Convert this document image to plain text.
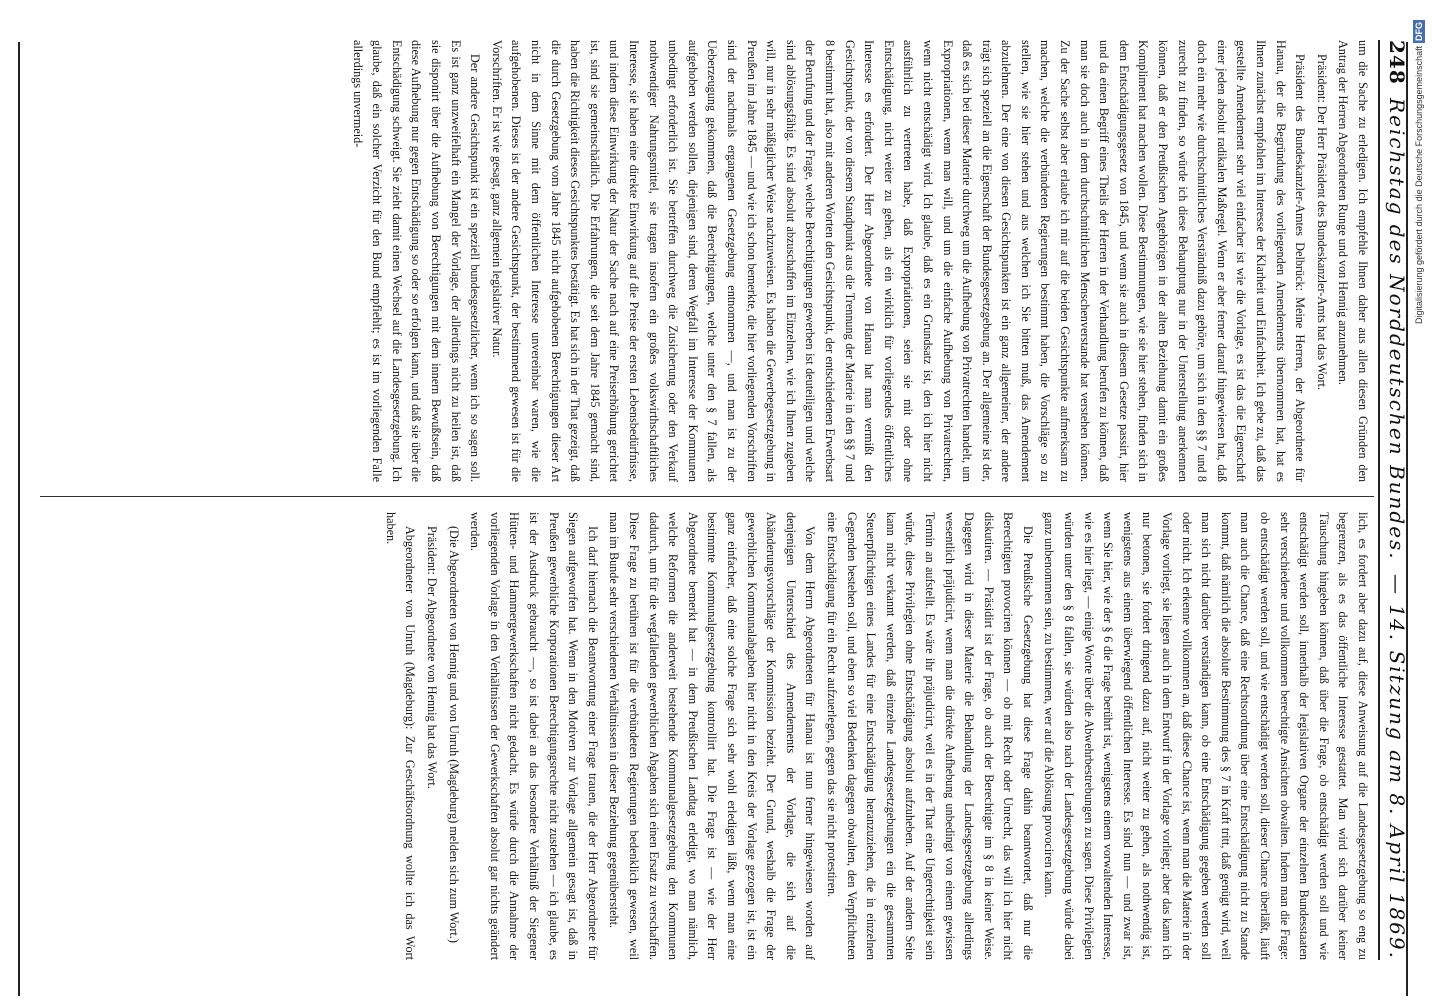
248
Reichstag des Norddeutschen Bundes.
— 14. Sitzung am 8. April 1869.

um die Sache zu erledigen. Ich empfehle Ihnen daher aus allen diesen Gründen den Antrag der Herren Abgeordneten Runge und von Hennig anzunehmen.

Präsident: Der Herr Präsident des Bundeskanzler-Amts hat das Wort.

Präsident des Bundeskanzler-Amtes Delbrück: Meine Herren, der Abgeordnete für Hanau, der die Begründung des vorliegenden Amendements übernommen hat, hat es Ihnen zunächst empfohlen im Interesse der Klarheit und Einfachheit. Ich gebe zu, daß das gestellte Amendement sehr viel einfacher ist wie die Vorlage, es ist das die Eigenschaft einer jeden absolut radikalen Maßregel. Wenn er aber ferner darauf hingewiesen hat, daß doch ein mehr wie durchschnittliches Verständniß dazu gehöre, um sich in den §§ 7 und 8 zurecht zu finden, so würde ich diese Behauptung nur in der Unterstellung anerkennen können, daß er den Preußischen Angehörigen in der alten Beziehung damit ein großes Kompliment hat machen wollen. Diese Bestimmungen, wie sie hier stehen, finden sich in dem Entschädigungsgesetz von 1845, und wenn sie auch in diesem Gesetze passirt, hier und da einen Begriff eines Theils der Herren in der Verhandlung berufen zu können, daß man sie doch auch in dem durchschnittlichen Menschenverstande hat verstehen können. Zu der Sache selbst aber erlaube ich mir auf die beiden Gesichtspunkte aufmerksam zu machen, welche die verbündeten Regierungen bestimmt haben, die Vorschläge so zu stellen, wie sie hier stehen und aus welchen ich Sie bitten muß, das Amendement abzulehnen. Der eine von diesen Gesichtspunkten ist ein ganz allgemeiner, der andere trägt sich speziell an die Eigenschaft der Bundesgesetzgebung an. Der allgemeine ist der, daß es sich bei dieser Materie durchweg um die Aufhebung von Privatrechten handelt, um Expropriationen, wenn man will, und um die einfache Aufhebung von Privatrechten, wenn nicht entschädigt wird. Ich glaube, daß es ein Grundsatz ist, den ich hier nicht ausführlich zu vertreten habe, daß Expropriationen, seien sie mit oder ohne Entschädigung, nicht weiter zu gehen, als ein wirklich für vorliegendes öffentliches Interesse es erfordert. Der Herr Abgeordnete von Hanau hat man vermißt den Gesichtspunkt, der von diesem Standpunkt aus die Trennung der Materie in den §§ 7 und 8 bestimmt hat, also mit anderen Worten den Gesichtspunkt, der entschiedenen Erwerbsart der Berufung und der Frage, welche Berechtigungen gewerben ist deuteiligen und welche sind ablösungsfähig. Es sind absolut abzuschaffen im Einzelnen, wie ich Ihnen zugeben will, nur in sehr mäßiglicher Weise nachzuweisen. Es haben die Gewerbegesetzgebung in Preußen im Jahre 1845 — und wie ich schon bemerkte, die hier vorliegenden Vorschriften sind der nachmals ergangenen Gesetzgebung entnommen —, und man ist zu der Ueberzeugung gekommen, daß die Berechtigungen, welche unter den § 7 fallen, als aufgehoben werden sollen, diejenigen sind, deren Wegfall im Interesse der Kommunen unbedingt erforderlich ist. Sie betreffen durchweg die Zusicherung oder den Verkauf nothwendiger Nahrungsmittel, sie tragen insofern ein großes volkswirthschaftliches Interesse, sie haben eine direkte Einwirkung auf die Preise der ersten Lebensbedürfnisse, und indem diese Einwirkung der Natur der Sache nach auf eine Preiserhöhung gerichtet ist, sind sie gemeinschädlich. Die Erfahrungen, die seit dem Jahre 1845 gemacht sind, haben die Richtigkeit dieses Gesichtspunktes bestätigt. Es hat sich in der That gezeigt, daß die durch Gesetzgebung vom Jahre 1845 nicht aufgehobenen Berechtigungen dieser Art nicht in dem Sinne mit dem öffentlichen Interesse unvereinbar waren, wie die aufgehobenen. Dieses ist der andere Gesichtspunkt, der bestimmend gewesen ist für die Vorschriften. Er ist wie gesagt, ganz allgemein legislativer Natur.

Der andere Gesichtspunkt ist ein speziell bundesgesetzlicher, wenn ich so sagen soll. Es ist ganz unzweifelhaft ein Mangel der Vorlage, der allerdings nicht zu heilen ist, daß sie disponirt über die Aufhebung von Berechtigungen mit dem innern Bewußtsein, daß diese Aufhebung nur gegen Entschädigung so oder so erfolgen kann, und daß sie über die Entschädigung schweigt. Sie zieht damit einen Wechsel auf die Landesgesetzgebung. Ich glaube, daß ein solcher Verzicht für den Bund empfiehlt; es ist im vorliegenden Falle allerdings unvermeid-

lich, es fordert aber dazu auf, diese Anweisung auf die Landesgesetzgebung so eng zu begrenzen, als es das öffentliche Interesse gestattet. Man wird sich darüber keiner Täuschung hingeben können, daß über die Frage, ob entschädigt werden soll und wie entschädigt werden soll, innerhalb der legislativen Organe der einzelnen Bundesstaaten sehr verschiedene und vollkommen berechtigte Ansichten obwalten. Indem man die Frage: ob entschädigt werden soll, und wie entschädigt werden soll, dieser Chance überläßt, läuft man auch die Chance, daß eine Rechtsordnung über eine Entschädigung nicht zu Stande kommt, daß nämlich die absolute Bestimmung des § 7 in Kraft tritt, daß genügt wird, weil man sich nicht darüber verständigen kann, ob eine Entschädigung gegeben werden soll oder nicht. Ich erkenne vollkommen an, daß diese Chance ist, wenn man die Materie in der Vorlage vorliegt, sie liegen auch in dem Entwurf in der Vorlage vorliegt; aber das kann ich nur betonen, sie fordert dringend dazu auf, nicht weiter zu gehen, als nothwendig ist, wenigstens aus einem überwiegend öffentlichen Interesse. Es sind nun — und zwar ist, wenn Sie hier, wie der § 6 die Frage berührt ist, wenigstens einem vorwaltenden Interesse, wie es hier liegt, — einige Worte über die Abwehrbestrebungen zu sagen. Diese Privilegien würden unter den § 8 fallen, sie würden also nach der Landesgesetzgebung würde dabei ganz unbenommen sein, zu bestimmen, wer auf die Ablösung provociren kann.

Die Preußische Gesetzgebung hat diese Frage dahin beantwortet, daß nur die Berechtigten provociren können — ob mit Recht oder Unrecht, das will ich hier nicht diskutiren. — Präsidirt ist der Frage, ob auch der Berechtigte im § 8 in keiner Weise. Dagegen wird in dieser Materie die Behandlung der Landesgesetzgebung allerdings wesentlich präjudicirt, wenn man die direkte Aufhebung unbedingt von einem gewissen Termin an aufstellt. Es wäre ihr präjudicirt, weil es in der That eine Ungerechtigkeit sein würde, diese Privilegien ohne Entschädigung absolut aufzuheben. Auf der andern Seite kann nicht verkannt werden, daß einzelne Landesgesetzgebungen ein die gesammten Steuerpflichtigen eines Landes für eine Entschädigung heranzuziehen, die in einzelnen Gegenden bestehen soll, und eben so viel Bedenken dagegen obwalten, den Verpflichteten eine Entschädigung für ein Recht aufzuerlegen, gegen das sie nicht protestiren.

Von dem Herrn Abgeordneten für Hanau ist nun ferner hingewiesen worden auf denjenigen Unterschied des Amendements der Vorlage, die sich auf die Abänderungsvorschläge der Kommission bezieht. Der Grund, weshalb die Frage der gewerblichen Kommunalabgaben hier nicht in den Kreis der Vorlage gezogen ist, ist ein ganz einfacher, daß eine solche Frage sich sehr wohl erledigen läßt, wenn man eine bestimmte Kommunalgesetzgebung kontrollirt hat. Die Frage ist — wie der Herr Abgeordnete bemerkt hat — in dem Preußischen Landtag erledigt, wo man nämlich, welche Reformen die anderweit bestehende Kommunalgesetzgebung den Kommunen dadurch, um für die wegfallenden gewerblichen Abgaben sich einen Ersatz zu verschaffen. Diese Frage zu berühren ist für die verbündeten Regierungen bedenklich gewesen, weil man im Bunde sehr verschiedenen Verhältnissen in dieser Beziehung gegenübersteht.

Ich darf hiernach die Beantwortung einer Frage trauen, die der Herr Abgeordnete für Siegen aufgeworfen hat. Wenn in den Motiven zur Vorlage allgemein gesagt ist, daß in Preußen gewerbliche Korporationen Berechtigungsrechte nicht zustehen — ich glaube, es ist der Ausdruck gebraucht —, so ist dabei an das besondere Verhältniß der Siegener Hütten- und Hammergewerkschaften nicht gedacht. Es würde durch die Annahme der vorliegenden Vorlage in den Verhältnissen der Gewerkschaften absolut gar nichts geändert werden.

(Die Abgeordneten von Hennig und von Unruh (Magdeburg) melden sich zum Wort.)

Präsident: Der Abgeordnete von Hennig hat das Wort.

Abgeordneter von Unruh (Magdeburg): Zur Geschäftsordnung wollte ich das Wort haben.

Digitalisierung gefördert durch die Deutsche Forschungsgemeinschaft DFG
